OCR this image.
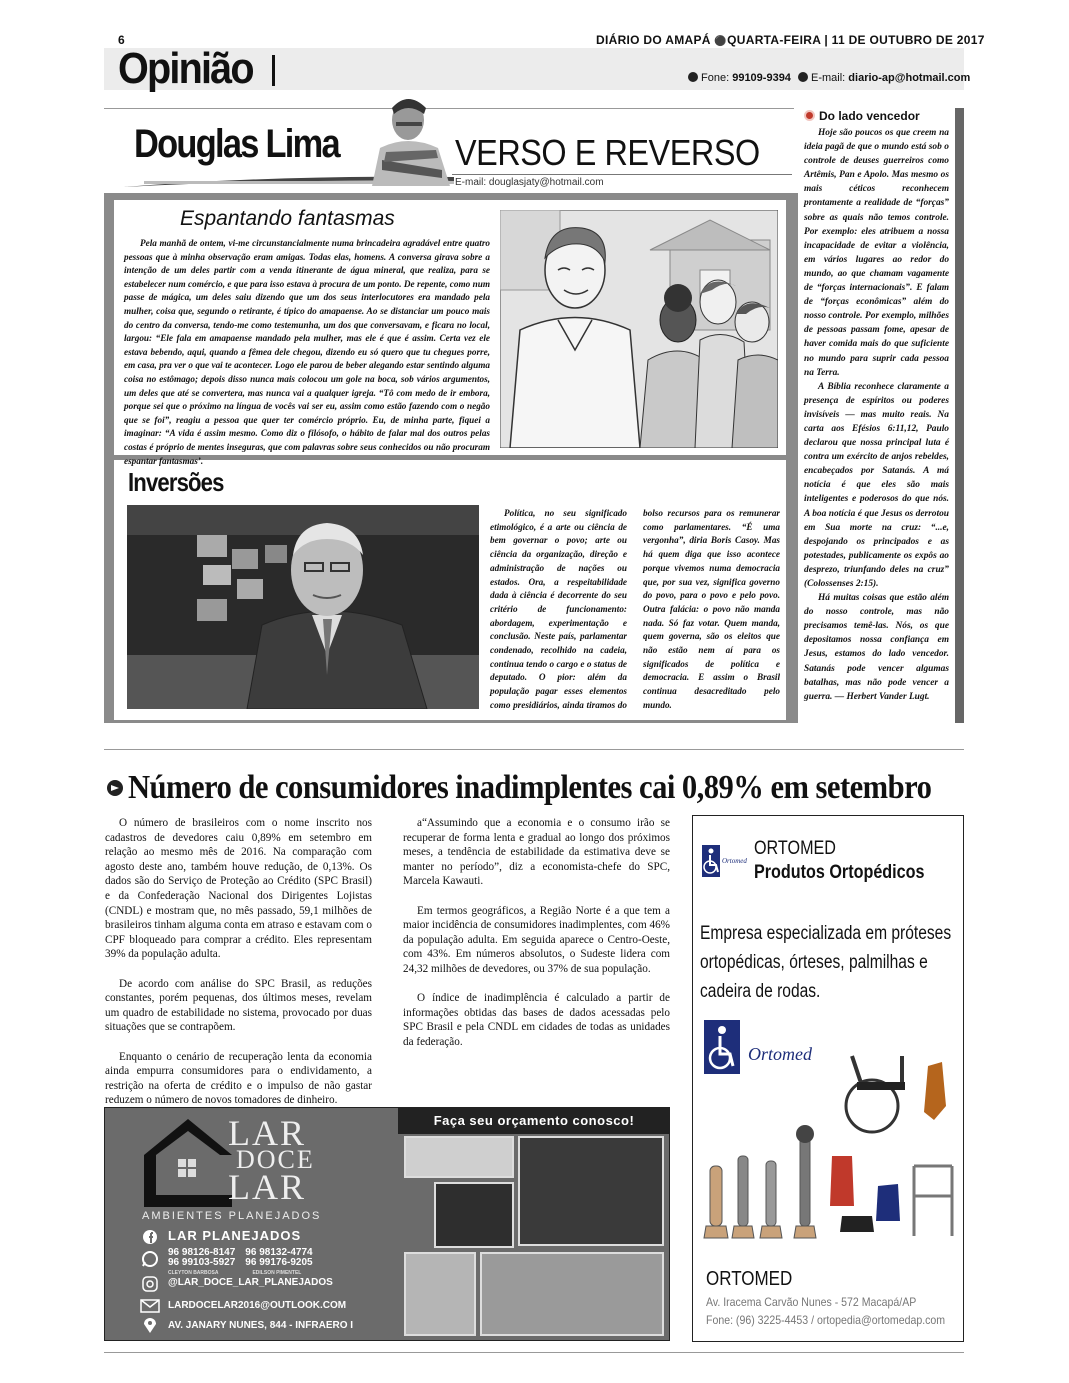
6	DIÁRIO DO AMAPÁ ⚫QUARTA-FEIRA | 11 DE OUTUBRO DE 2017
Opinião	Fone: 99109-9394 E-mail: diario-ap@hotmail.com
Douglas Lima	VERSO E REVERSO
E-mail: douglasjaty@hotmail.com
Espantando fantasmas

Pela manhã de ontem, vi-me circunstancialmente numa brincadeira agradável entre quatro pessoas que à minha observação eram amigas. Todas elas, homens. A conversa girava sobre a intenção de um deles partir com a venda itinerante de água mineral, que realiza, para se estabelecer num comércio, e que para isso estava à procura de um ponto. De repente, como num passe de mágica, um deles saiu dizendo que um dos seus interlocutores era mandado pela mulher, coisa que, segundo o retirante, é típico do amapaense. Ao se distanciar um pouco mais do centro da conversa, tendo-me como testemunha, um dos que conversavam, e ficara no local, largou: “Ele fala em amapaense mandado pela mulher, mas ele é que é assim. Certa vez ele estava bebendo, aqui, quando a fêmea dele chegou, dizendo eu só quero que tu chegues porre, em casa, pra ver o que vai te acontecer. Logo ele parou de beber alegando estar sentindo alguma coisa no estômago; depois disso nunca mais colocou um gole na boca, sob vários argumentos, um deles que até se convertera, mas nunca vai a qualquer igreja. “Tô com medo de ir embora, porque sei que o próximo na língua de vocês vai ser eu, assim como estão fazendo com o negão que se foi”, reagiu a pessoa que quer ter comércio próprio. Eu, de minha parte, fiquei a imaginar: “A vida é assim mesmo. Como diz o filósofo, o hábito de falar mal dos outros pelas costas é próprio de mentes inseguras, que com palavras sobre seus conhecidos ou não procuram espantar fantasmas’.

Inversões

Política, no seu significado etimológico, é a arte ou ciência de bem governar o povo; arte ou ciência da organização, direção e administração de nações ou estados. Ora, a respeitabilidade dada à ciência é decorrente do seu critério de funcionamento: abordagem, experimentação e conclusão. Neste país, parlamentar condenado, recolhido na cadeia, continua tendo o cargo e o status de deputado. O pior: além da população pagar esses elementos como presidiários, ainda tiramos do bolso recursos para os remunerar como parlamentares. “É uma vergonha”, diria Boris Casoy. Mas há quem diga que isso acontece porque vivemos numa democracia que, por sua vez, significa governo do povo, para o povo e pelo povo. Outra falácia: o povo não manda nada. Só faz votar. Quem manda, quem governa, são os eleitos que não estão nem aí para os significados de política e democracia. E assim o Brasil continua desacreditado pelo mundo.

Do lado vencedor

Hoje são poucos os que creem na ideia pagã de que o mundo está sob o controle de deuses guerreiros como Artêmis, Pan e Apolo. Mas mesmo os mais céticos reconhecem prontamente a realidade de “forças” sobre as quais não temos controle. Por exemplo: eles atribuem a nossa incapacidade de evitar a violência, em vários lugares ao redor do mundo, ao que chamam vagamente de “forças internacionais”. E falam de “forças econômicas” além do nosso controle. Por exemplo, milhões de pessoas passam fome, apesar de haver comida mais do que suficiente no mundo para suprir cada pessoa na Terra.

A Bíblia reconhece claramente a presença de espíritos ou poderes invisíveis — mas muito reais. Na carta aos Efésios 6:11,12, Paulo declarou que nossa principal luta é contra um exército de anjos rebeldes, encabeçados por Satanás. A má notícia é que eles são mais inteligentes e poderosos do que nós. A boa notícia é que Jesus os derrotou em Sua morte na cruz: “...e, despojando os principados e as potestades, publicamente os expôs ao desprezo, triunfando deles na cruz” (Colossenses 2:15).

Há muitas coisas que estão além do nosso controle, mas não precisamos temê-las. Nós, os que depositamos nossa confiança em Jesus, estamos do lado vencedor. Satanás pode vencer algumas batalhas, mas não pode vencer a guerra. — Herbert Vander Lugt.

Número de consumidores inadimplentes cai 0,89% em setembro

O número de brasileiros com o nome inscrito nos cadastros de devedores caiu 0,89% em setembro em relação ao mesmo mês de 2016. Na comparação com agosto deste ano, também houve redução, de 0,13%. Os dados são do Serviço de Proteção ao Crédito (SPC Brasil) e da Confederação Nacional dos Dirigentes Lojistas (CNDL) e mostram que, no mês passado, 59,1 milhões de brasileiros tinham alguma conta em atraso e estavam com o CPF bloqueado para comprar a crédito. Eles representam 39% da população adulta.

De acordo com análise do SPC Brasil, as reduções constantes, porém pequenas, dos últimos meses, revelam um quadro de estabilidade no sistema, provocado por duas situações que se contrapõem.

Enquanto o cenário de recuperação lenta da economia ainda empurra consumidores para o endividamento, a restrição na oferta de crédito e o impulso de não gastar reduzem o número de novos tomadores de dinheiro.

a“Assumindo que a economia e o consumo irão se recuperar de forma lenta e gradual ao longo dos próximos meses, a tendência de estabilidade da estimativa deve se manter no período”, diz a economista-chefe do SPC, Marcela Kawauti.

Em termos geográficos, a Região Norte é a que tem a maior incidência de consumidores inadimplentes, com 46% da população adulta. Em seguida aparece o Centro-Oeste, com 43%. Em números absolutos, o Sudeste lidera com 24,32 milhões de devedores, ou 37% de sua população.

O índice de inadimplência é calculado a partir de informações obtidas das bases de dados acessadas pelo SPC Brasil e pela CNDL em cidades de todas as unidades da federação.

LAR
DOCE
LAR
AMBIENTES PLANEJADOS
LAR PLANEJADOS
96 98126-8147 96 98132-4774
96 99103-5927 96 99176-9205
CLEYTON BARBOSA	EDILSON PIMENTEL
@LAR_DOCE_LAR_PLANEJADOS
LARDOCELAR2016@OUTLOOK.COM
AV. JANARY NUNES, 844 - INFRAERO I
Faça seu orçamento conosco!
Ortomed
ORTOMED
Produtos Ortopédicos
Empresa especializada em próteses ortopédicas, órteses, palmilhas e cadeira de rodas.
Ortomed
ORTOMED
Av. Iracema Carvão Nunes - 572 Macapá/AP
Fone: (96) 3225-4453 / ortopedia@ortomedap.com
